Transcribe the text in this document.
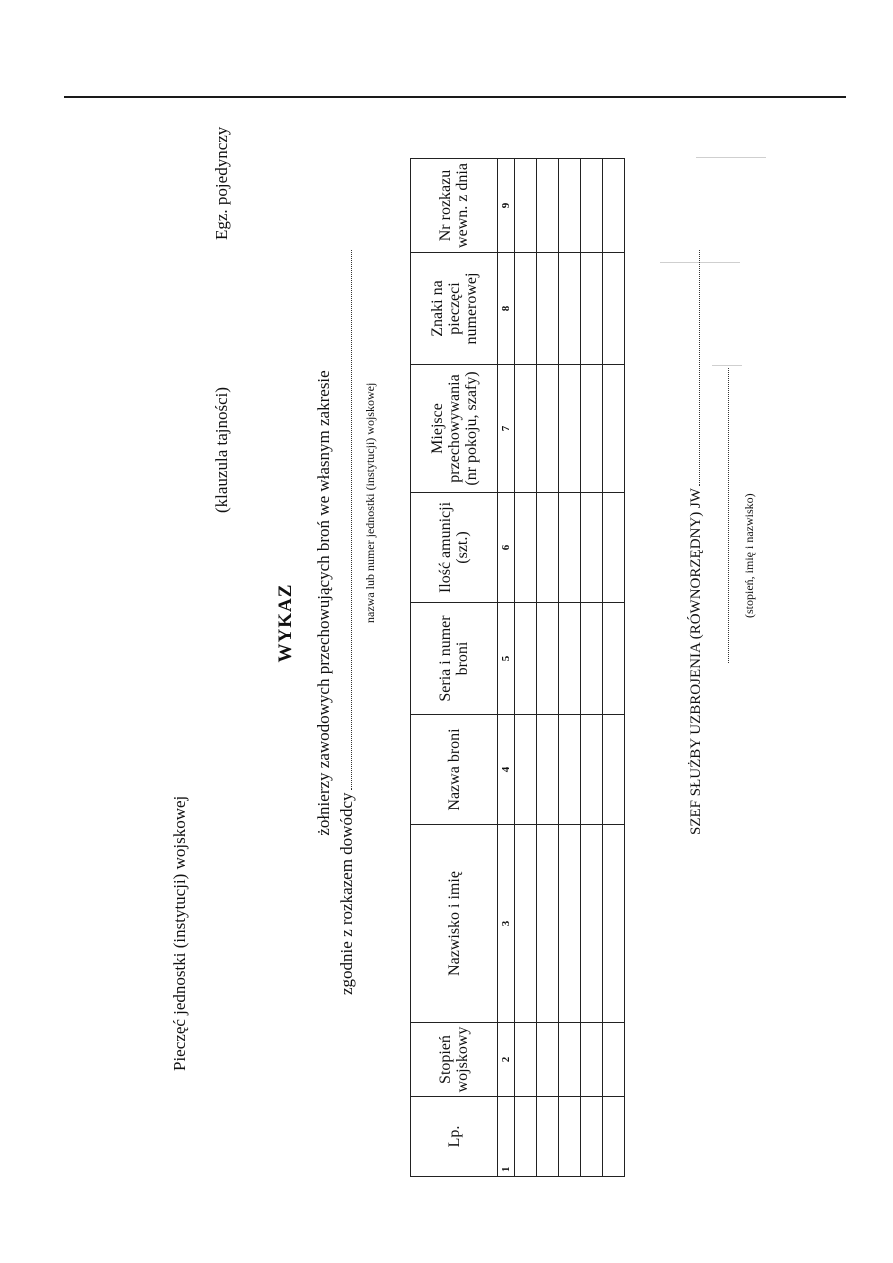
Pieczęć jednostki (instytucji) wojskowej
(klauzula tajności)
Egz. pojedynczy
WYKAZ żołnierzy zawodowych przechowujących broń we własnym zakresie
zgodnie z rozkazem dowódcy
nazwa lub numer jednostki (instytucji) wojskowej
Lp.	Stopień wojskowy	Nazwisko i imię	Nazwa broni	Seria i numer broni	Ilość amunicji (szt.)	Miejsce przechowywania (nr pokoju, szafy)	Znaki na pieczęci numerowej	Nr rozkazu wewn. z dnia
1	2	3	4	5	6	7	8	9

SZEF SŁUŻBY UZBROJENIA (RÓWNORZĘDNY) JW	(stopień, imię i nazwisko)
